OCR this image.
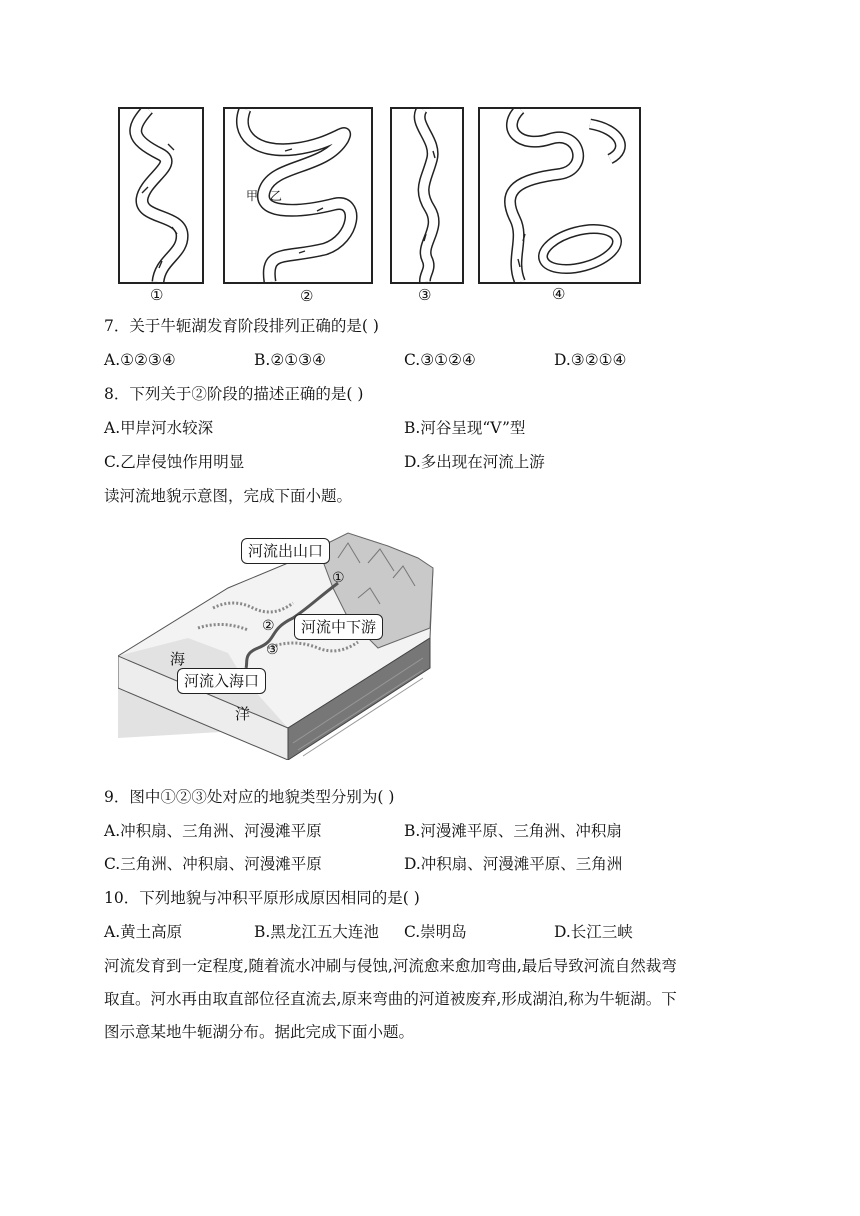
①
甲 乙
②	③	④
7．关于牛轭湖发育阶段排列正确的是( )
A.①②③④	B.②①③④	C.③①②④	D.③②①④
8．下列关于②阶段的描述正确的是( )
A.甲岸河水较深	B.河谷呈现“V”型
C.乙岸侵蚀作用明显	D.多出现在河流上游
读河流地貌示意图，完成下面小题。
河流出山口
①
河流中下游
②
③
河流入海口
海
洋
9．图中①②③处对应的地貌类型分别为( )
A.冲积扇、三角洲、河漫滩平原	B.河漫滩平原、三角洲、冲积扇
C.三角洲、冲积扇、河漫滩平原	D.冲积扇、河漫滩平原、三角洲
10．下列地貌与冲积平原形成原因相同的是( )
A.黄土高原	B.黑龙江五大连池 C.崇明岛	D.长江三峡
河流发育到一定程度,随着流水冲刷与侵蚀,河流愈来愈加弯曲,最后导致河流自然裁弯
取直。河水再由取直部位径直流去,原来弯曲的河道被废弃,形成湖泊,称为牛轭湖。下
图示意某地牛轭湖分布。据此完成下面小题。
